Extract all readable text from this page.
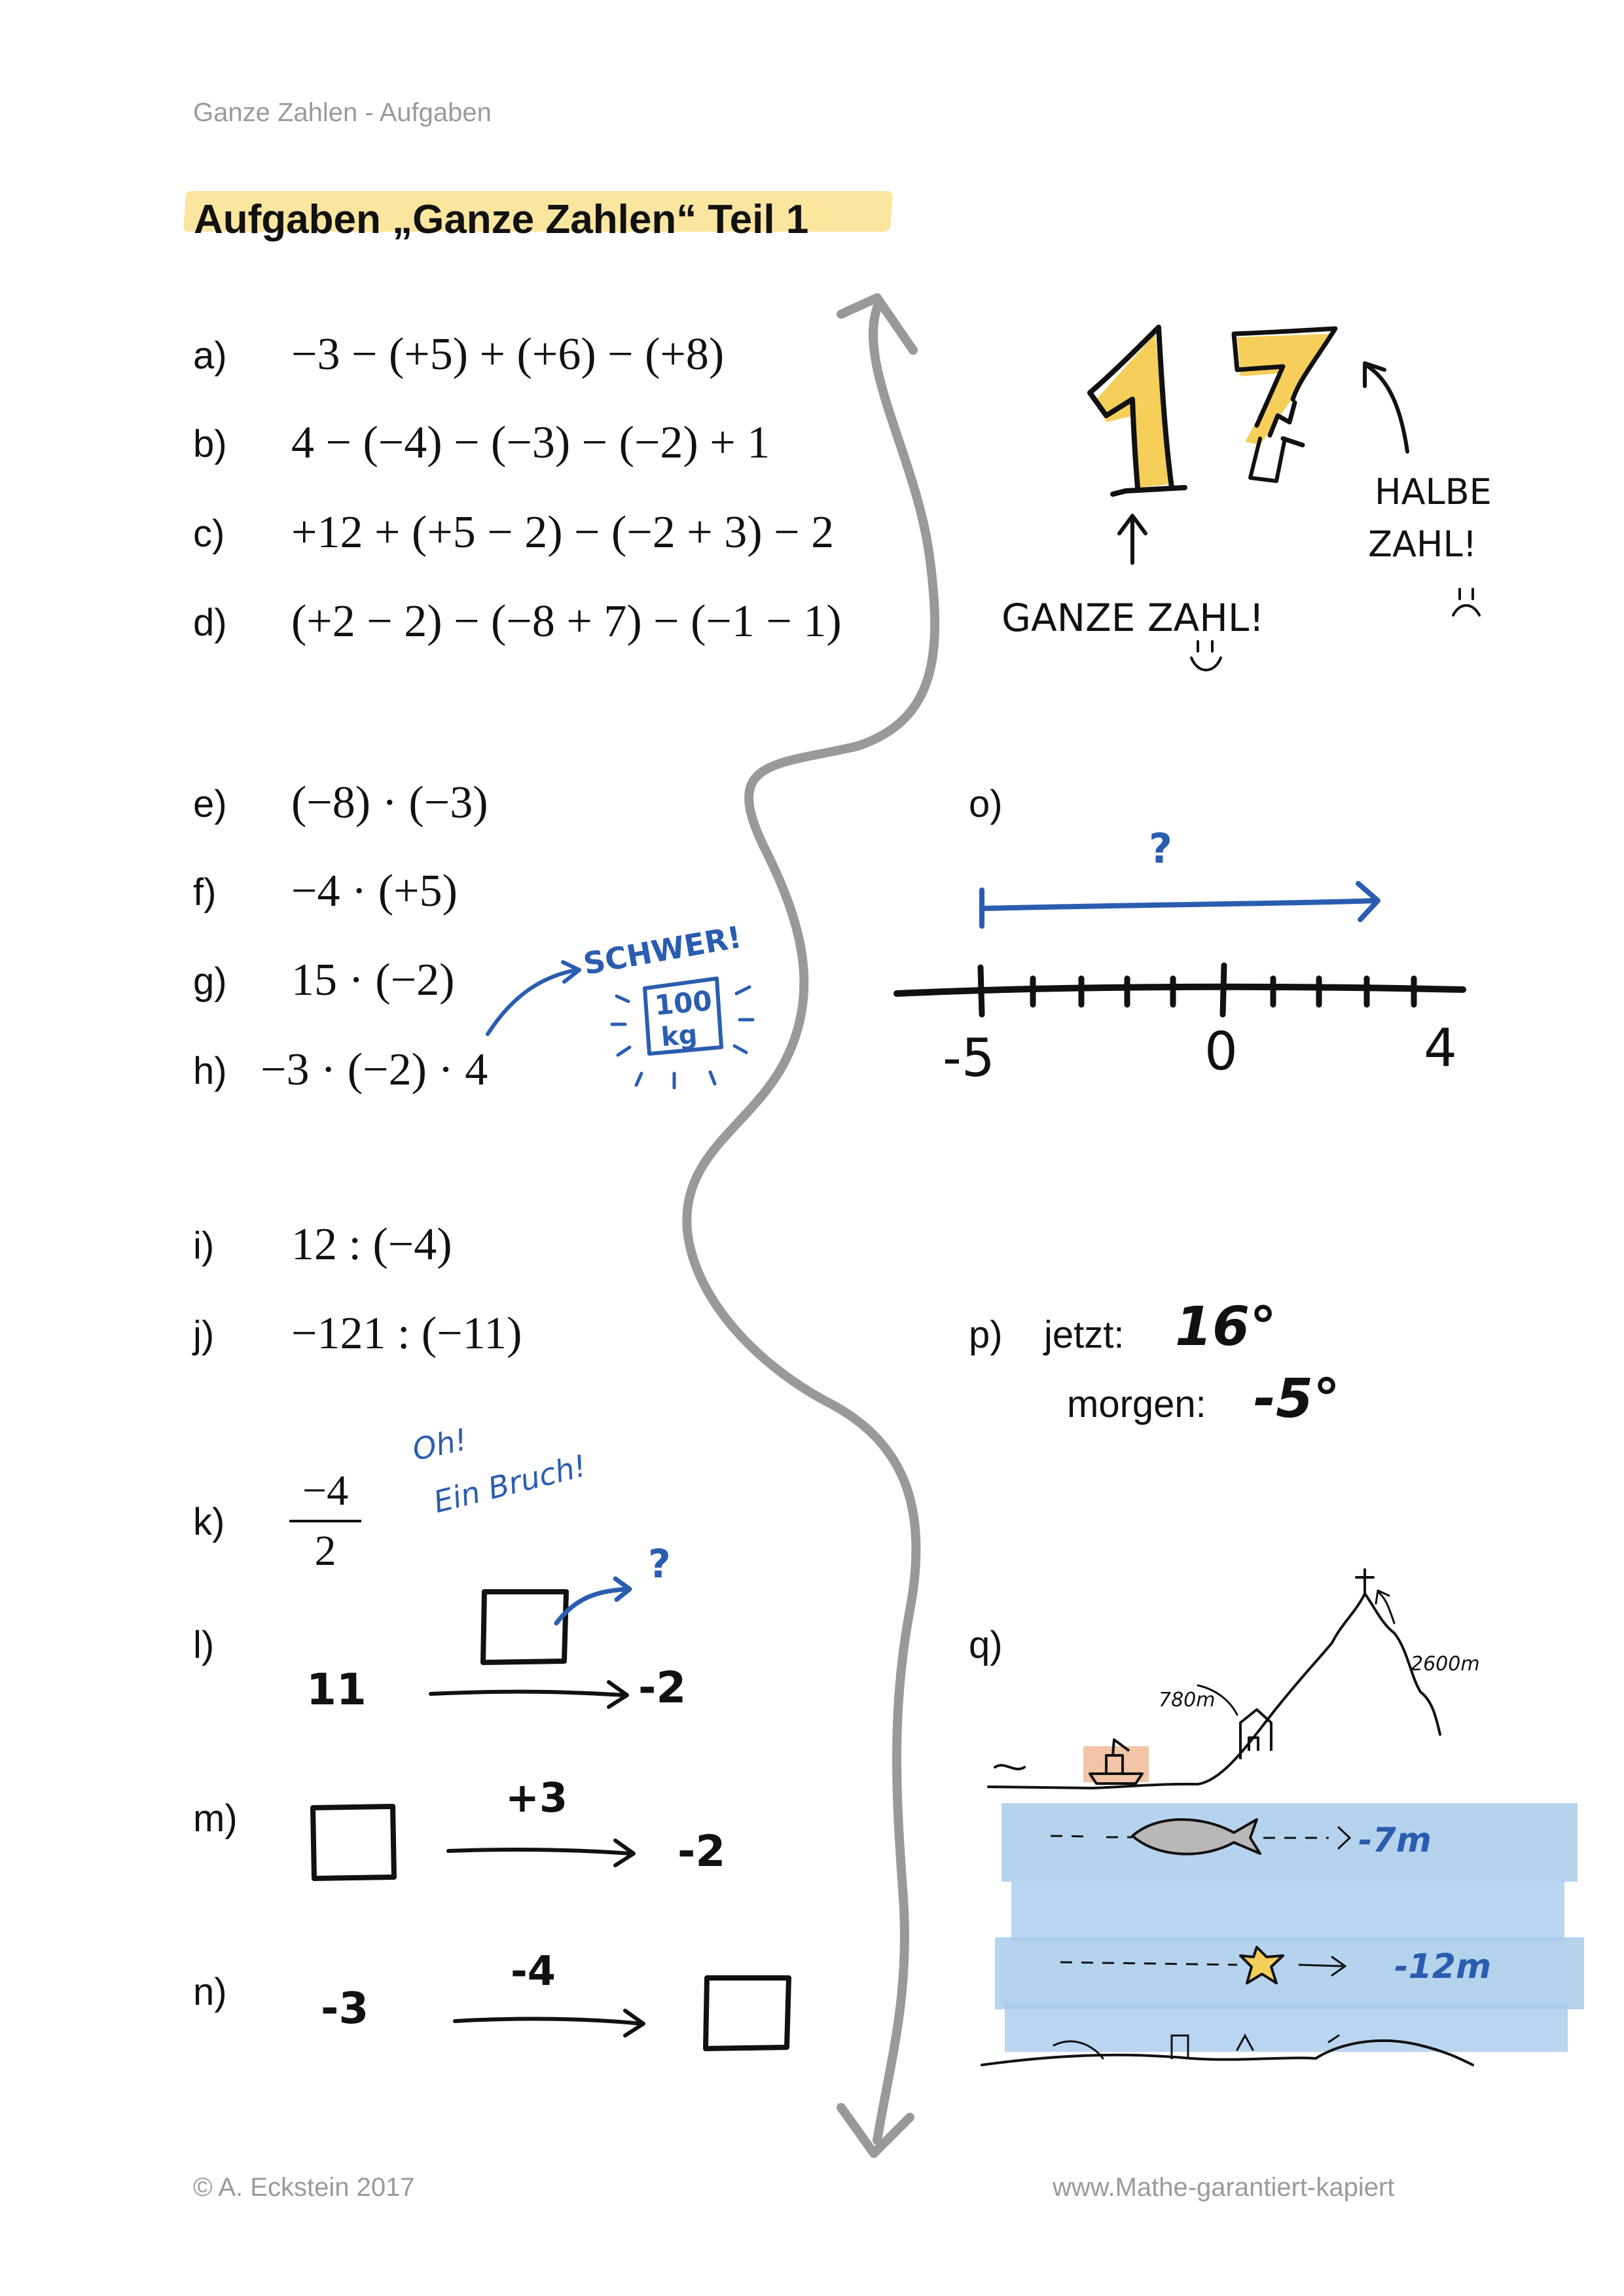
Ganze Zahlen - Aufgaben
Aufgaben „Ganze Zahlen“ Teil 1
a) −3 − (+5) + (+6) − (+8)
b) 4 − (−4) − (−3) − (−2) + 1
c) +12 + (+5 − 2) − (−2 + 3) − 2
d) (+2 − 2) − (−8 + 7) − (−1 − 1)
e) (−8) · (−3)
f) −4 · (+5)
g) 15 · (−2)
h) −3 · (−2) · 4
SCHWER!
100
kg
i) 12 : (−4)
j) −121 : (−11)
$k) \frac{-4}{2}$
Oh!
Ein Bruch!
l)
11	-2
?
m)	+3
-2
n) -3
-4
GANZE ZAHL!
HALBE
ZAHL!
o)
?
-5	0	4
p) jetzt: 16°
morgen: -5°
q)	2600m
780m
-7m
-12m
© A. Eckstein 2017	www.Mathe-garantiert-kapiert
